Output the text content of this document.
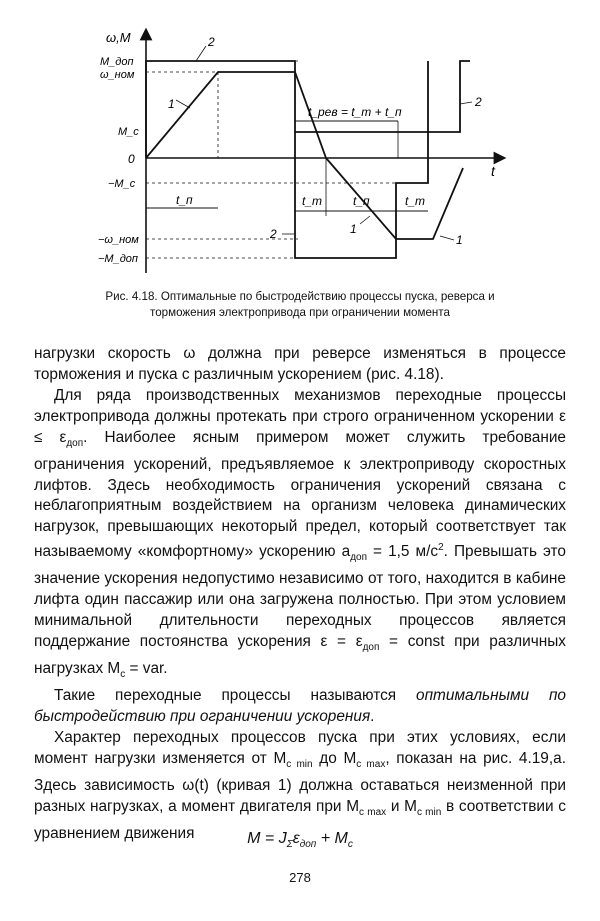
ω,M
t
M_доп
ω_ном
M_c
0
−M_c
−ω_ном
−M_доп
t_п	t_т	t_п	t_т
t_рев = t_т + t_п
1
2
2	1
2
1

Рис. 4.18. Оптимальные по быстродействию процессы пуска, реверса и

торможения электропривода при ограничении момента

нагрузки скорость ω должна при реверсе изменяться в процессе торможения и пуска с различным ускорением (рис. 4.18).

Для ряда производственных механизмов переходные процессы электропривода должны протекать при строго ограниченном ускорении $\varepsilon \le \varepsilon_{доп}$. Наиболее ясным примером может служить требование ограничения ускорений, предъявляемое к электроприводу скоростных лифтов. Здесь необходимость ограничения ускорений связана с неблагоприятным воздействием на организм человека динамических нагрузок, превышающих некоторый предел, который соответствует так называемому «комфортному» ускорению $a_{доп} = 1,5$ $м/с^2$. Превышать это значение ускорения недопустимо независимо от того, находится в кабине лифта один пассажир или она загружена полностью. При этом условием минимальной длительности переходных процессов является поддержание постоянства ускорения $\varepsilon = \varepsilon_{доп}$ = const при различных нагрузках $M_c$ = var.

Такие переходные процессы называются оптимальными по быстродействию при ограничении ускорения.

Характер переходных процессов пуска при этих условиях, если момент нагрузки изменяется от $M_{c min}$ до $M_{c max}$, показан на рис. 4.19,а. Здесь зависимость ω(t) (кривая 1) должна оставаться неизменной при разных нагрузках, а момент двигателя при $M_{c max}$ и $M_{c min}$ в соответствии с уравнением движения	$M = J_\Sigma\varepsilon_{доп} + M_c$
278
